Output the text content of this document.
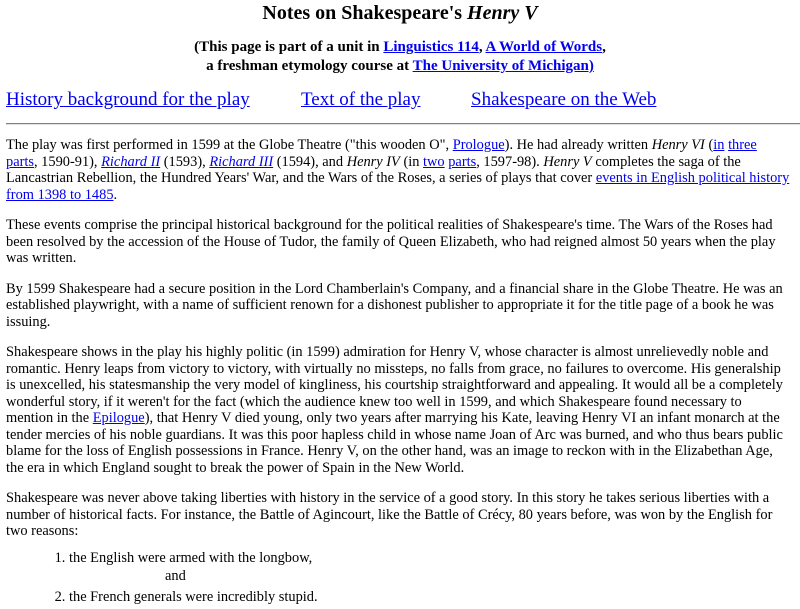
Notes on Shakespeare's Henry V
(This page is part of a unit in Linguistics 114, A World of Words,
a freshman etymology course at The University of Michigan)
History background for the play	Text of the play	Shakespeare on the Web

The play was first performed in 1599 at the Globe Theatre ("this wooden O", Prologue). He had already written Henry VI (in three parts, 1590-91), Richard II (1593), Richard III (1594), and Henry IV (in two parts, 1597-98). Henry V completes the saga of the Lancastrian Rebellion, the Hundred Years' War, and the Wars of the Roses, a series of plays that cover events in English political history from 1398 to 1485.

These events comprise the principal historical background for the political realities of Shakespeare's time. The Wars of the Roses had been resolved by the accession of the House of Tudor, the family of Queen Elizabeth, who had reigned almost 50 years when the play was written.

By 1599 Shakespeare had a secure position in the Lord Chamberlain's Company, and a financial share in the Globe Theatre. He was an established playwright, with a name of sufficient renown for a dishonest publisher to appropriate it for the title page of a book he was issuing.

Shakespeare shows in the play his highly politic (in 1599) admiration for Henry V, whose character is almost unrelievedly noble and romantic. Henry leaps from victory to victory, with virtually no missteps, no falls from grace, no failures to overcome. His generalship is unexcelled, his statesmanship the very model of kingliness, his courtship straightforward and appealing. It would all be a completely wonderful story, if it weren't for the fact (which the audience knew too well in 1599, and which Shakespeare found necessary to mention in the Epilogue), that Henry V died young, only two years after marrying his Kate, leaving Henry VI an infant monarch at the tender mercies of his noble guardians. It was this poor hapless child in whose name Joan of Arc was burned, and who thus bears public blame for the loss of English possessions in France. Henry V, on the other hand, was an image to reckon with in the Elizabethan Age, the era in which England sought to break the power of Spain in the New World.

Shakespeare was never above taking liberties with history in the service of a good story. In this story he takes serious liberties with a number of historical facts. For instance, the Battle of Agincourt, like the Battle of Crécy, 80 years before, was won by the English for two reasons:

1. the English were armed with the longbow,
and
2. the French generals were incredibly stupid.
